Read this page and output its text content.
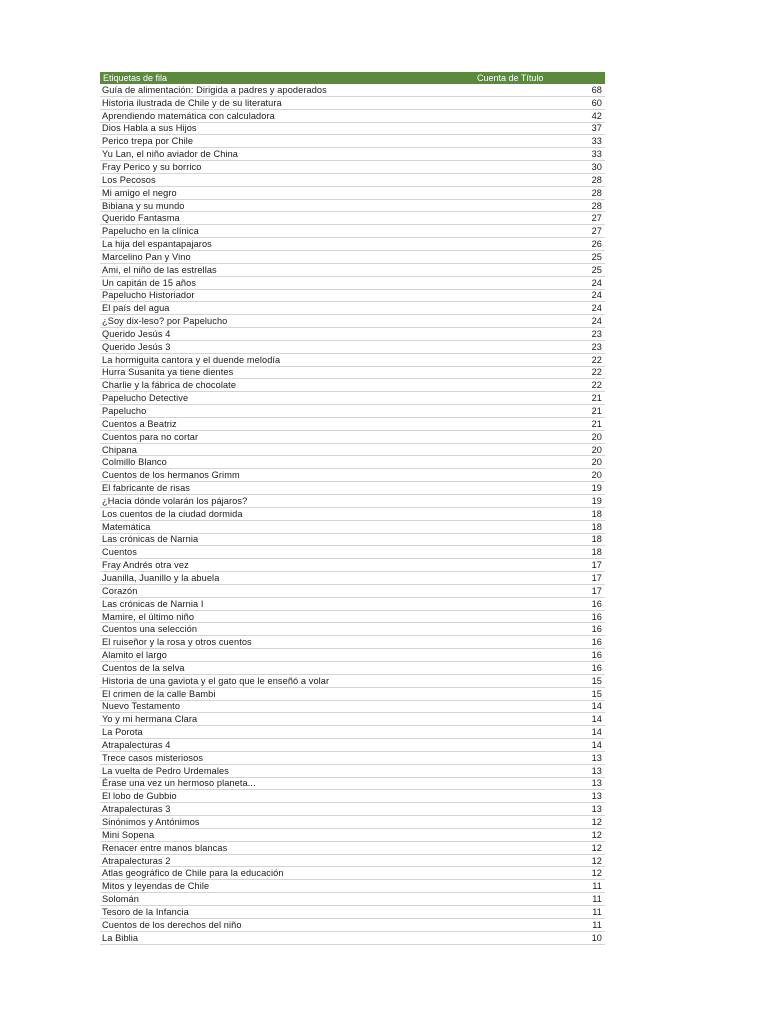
Etiquetas de fila	Cuenta de Título
Guía de alimentación: Dirigida a padres y apoderados	68
Historia ilustrada de Chile y de su literatura	60
Aprendiendo matemática con calculadora	42
Dios Habla a sus Hijos	37
Perico trepa por Chile	33
Yu Lan, el niño aviador de China	33
Fray Perico y su borrico	30
Los Pecosos	28
Mi amigo el negro	28
Bibiana y su mundo	28
Querido Fantasma	27
Papelucho en la clínica	27
La hija del espantapajaros	26
Marcelino Pan y Vino	25
Ami, el niño de las estrellas	25
Un capitán de 15 años	24
Papelucho Historiador	24
El país del agua	24
¿Soy dix-leso? por Papelucho	24
Querido Jesús 4	23
Querido Jesús 3	23
La hormiguita cantora y el duende melodía	22
Hurra Susanita ya tiene dientes	22
Charlie y la fábrica de chocolate	22
Papelucho Detective	21
Papelucho	21
Cuentos a Beatriz	21
Cuentos para no cortar	20
Chipana	20
Colmillo Blanco	20
Cuentos de los hermanos Grimm	20
El fabricante de risas	19
¿Hacia dónde volarán los pájaros?	19
Los cuentos de la ciudad dormida	18
Matemática	18
Las crónicas de Narnia	18
Cuentos	18
Fray Andrés otra vez	17
Juanilla, Juanillo y la abuela	17
Corazón	17
Las crónicas de Narnia I	16
Mamire, el último niño	16
Cuentos una selección	16
El ruiseñor y la rosa y otros cuentos	16
Alamito el largo	16
Cuentos de la selva	16
Historia de una gaviota y el gato que le enseñó a volar	15
El crimen de la calle Bambi	15
Nuevo Testamento	14
Yo y mi hermana Clara	14
La Porota	14
Atrapalecturas 4	14
Trece casos misteriosos	13
La vuelta de Pedro Urdemales	13
Érase una vez un hermoso planeta...	13
El lobo de Gubbio	13
Atrapalecturas 3	13
Sinónimos y Antónimos	12
Mini Sopena	12
Renacer entre manos blancas	12
Atrapalecturas 2	12
Atlas geográfico de Chile para la educación	12
Mitos y leyendas de Chile	11
Solomán	11
Tesoro de la Infancia	11
Cuentos de los derechos del niño	11
La Biblia	10
